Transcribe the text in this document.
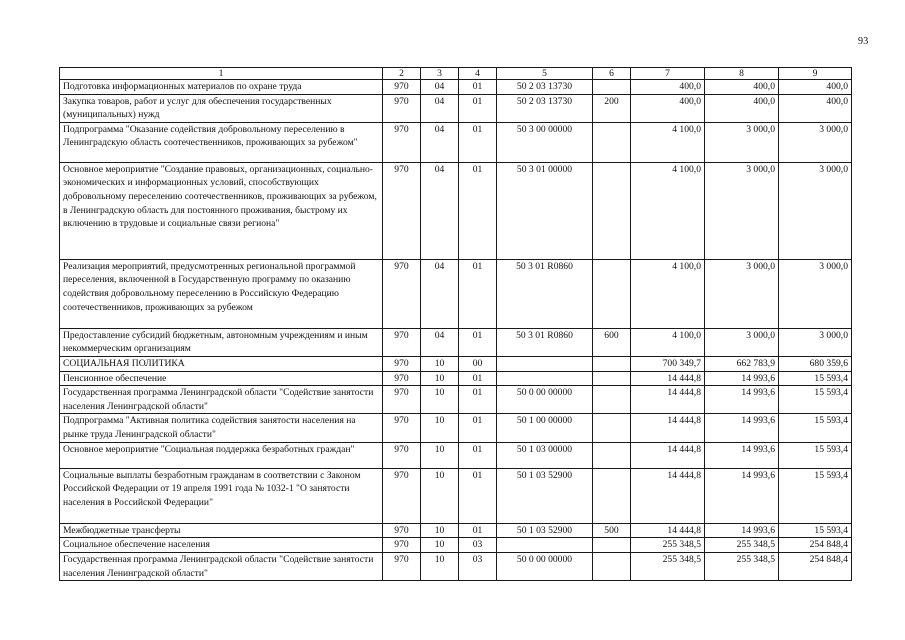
93
1	2	3	4	5	6	7	8	9
Подготовка информационных материалов по охране труда	970	04	01	50 2 03 13730		400,0	400,0	400,0
Закупка товаров, работ и услуг для обеспечения государственных (муниципальных) нужд	970	04	01	50 2 03 13730	200	400,0	400,0	400,0
Подпрограмма "Оказание содействия добровольному переселению в Ленинградскую область соотечественников, проживающих за рубежом"	970	04	01	50 3 00 00000		4 100,0	3 000,0	3 000,0
Основное мероприятие "Создание правовых, организационных, социально-экономических и информационных условий, способствующих добровольному переселению соотечественников, проживающих за рубежом, в Ленинградскую область для постоянного проживания, быстрому их включению в трудовые и социальные связи региона"	970	04	01	50 3 01 00000		4 100,0	3 000,0	3 000,0
Реализация мероприятий, предусмотренных региональной программой переселения, включенной в Государственную программу по оказанию содействия добровольному переселению в Российскую Федерацию соотечественников, проживающих за рубежом	970	04	01	50 3 01 R0860		4 100,0	3 000,0	3 000,0
Предоставление субсидий бюджетным, автономным учреждениям и иным некоммерческим организациям	970	04	01	50 3 01 R0860	600	4 100,0	3 000,0	3 000,0
СОЦИАЛЬНАЯ ПОЛИТИКА	970	10	00			700 349,7	662 783,9	680 359,6
Пенсионное обеспечение	970	10	01			14 444,8	14 993,6	15 593,4
Государственная программа Ленинградской области "Содействие занятости населения Ленинградской области"	970	10	01	50 0 00 00000		14 444,8	14 993,6	15 593,4
Подпрограмма "Активная политика содействия занятости населения на рынке труда Ленинградской области"	970	10	01	50 1 00 00000		14 444,8	14 993,6	15 593,4
Основное мероприятие "Социальная поддержка безработных граждан"	970	10	01	50 1 03 00000		14 444,8	14 993,6	15 593,4
Социальные выплаты безработным гражданам в соответствии с Законом Российской Федерации от 19 апреля 1991 года № 1032-1 "О занятости населения в Российской Федерации"	970	10	01	50 1 03 52900		14 444,8	14 993,6	15 593,4
Межбюджетные трансферты	970	10	01	50 1 03 52900	500	14 444,8	14 993,6	15 593,4
Социальное обеспечение населения	970	10	03			255 348,5	255 348,5	254 848,4
Государственная программа Ленинградской области "Содействие занятости населения Ленинградской области"	970	10	03	50 0 00 00000		255 348,5	255 348,5	254 848,4
